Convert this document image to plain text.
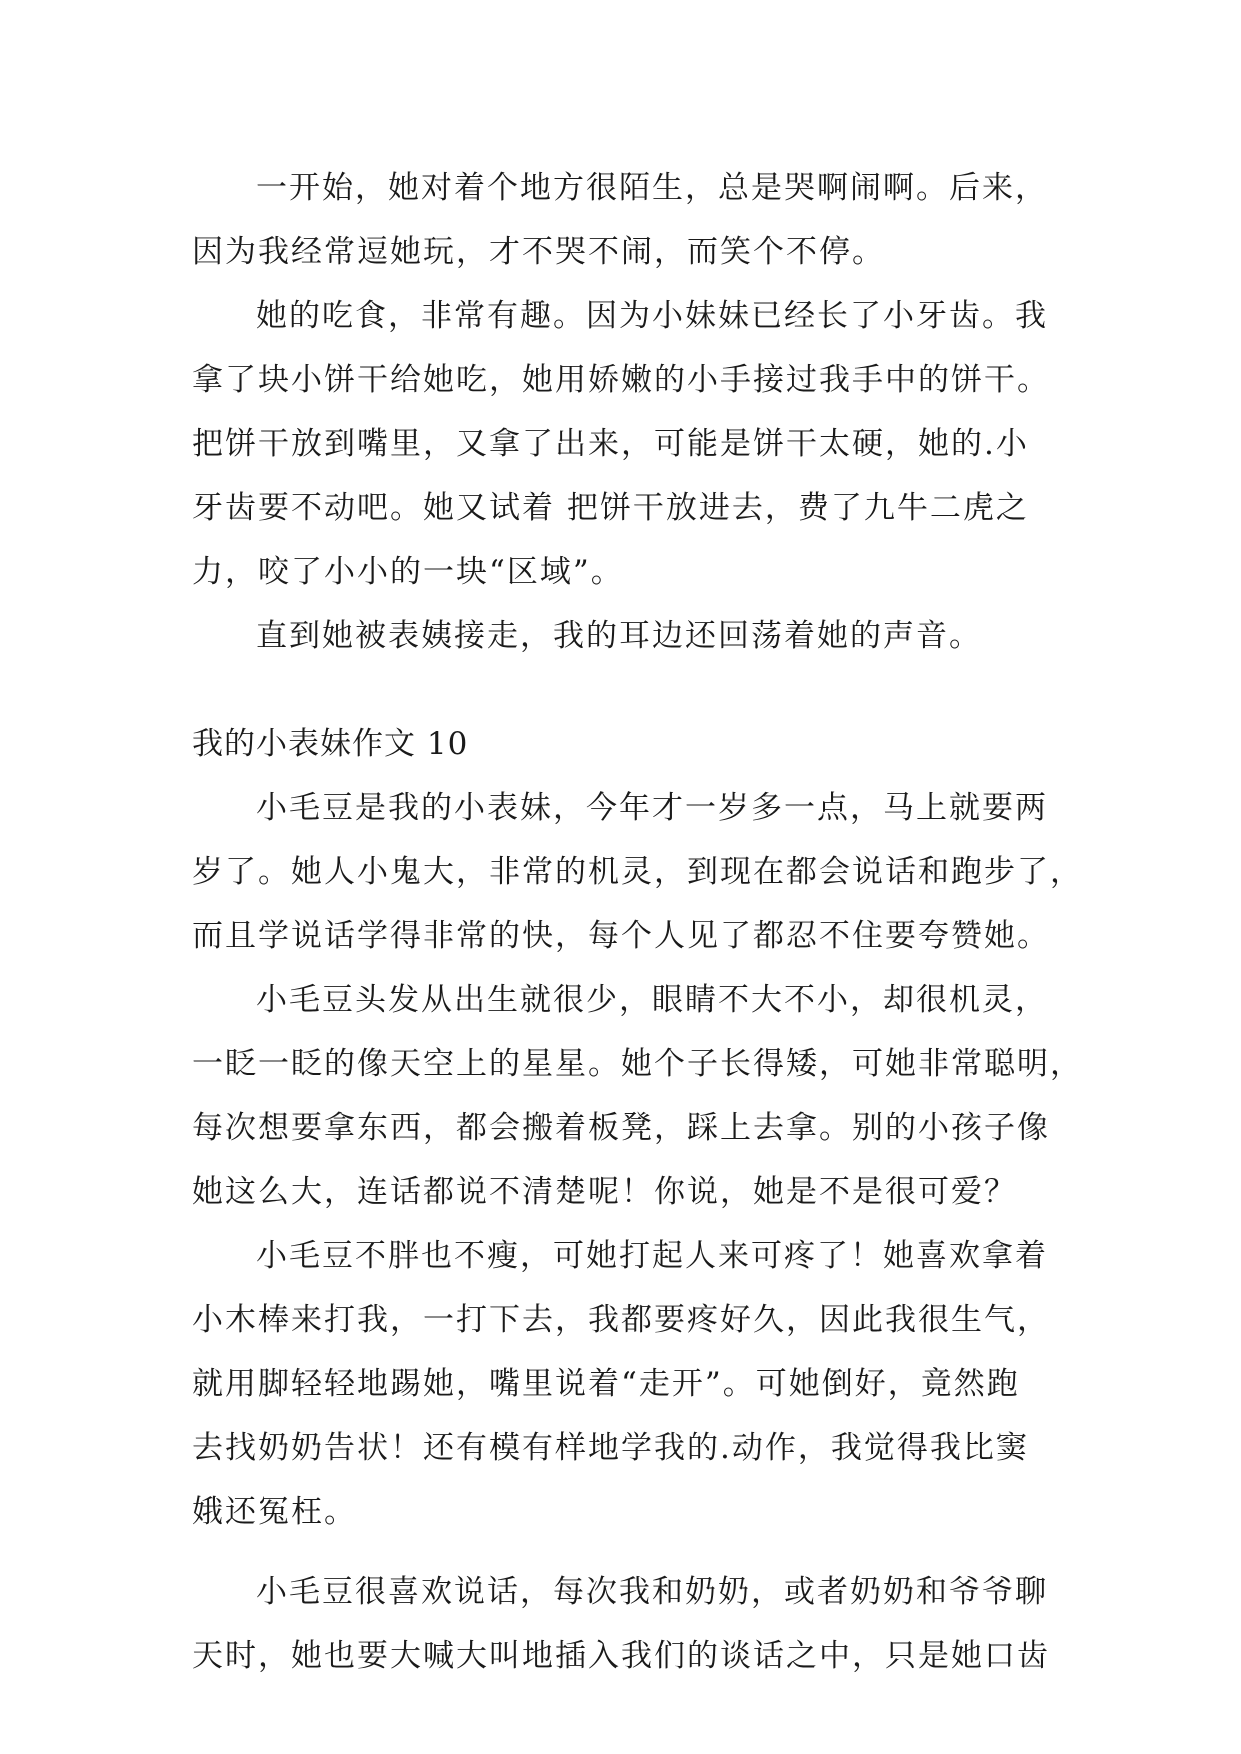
一开始，她对着个地方很陌生，总是哭啊闹啊。后来，
因为我经常逗她玩，才不哭不闹，而笑个不停。
她的吃食，非常有趣。因为小妹妹已经长了小牙齿。我
拿了块小饼干给她吃，她用娇嫩的小手接过我手中的饼干。
把饼干放到嘴里，又拿了出来，可能是饼干太硬，她的.小
牙齿要不动吧。她又试着 把饼干放进去，费了九牛二虎之
力，咬了小小的一块“区域”。
直到她被表姨接走，我的耳边还回荡着她的声音。
我的小表妹作文 10
小毛豆是我的小表妹，今年才一岁多一点，马上就要两
岁了。她人小鬼大，非常的机灵，到现在都会说话和跑步了，
而且学说话学得非常的快，每个人见了都忍不住要夸赞她。
小毛豆头发从出生就很少，眼睛不大不小，却很机灵，
一眨一眨的像天空上的星星。她个子长得矮，可她非常聪明，
每次想要拿东西，都会搬着板凳，踩上去拿。别的小孩子像
她这么大，连话都说不清楚呢！你说，她是不是很可爱？
小毛豆不胖也不瘦，可她打起人来可疼了！她喜欢拿着
小木棒来打我，一打下去，我都要疼好久，因此我很生气，
就用脚轻轻地踢她，嘴里说着“走开”。可她倒好，竟然跑
去找奶奶告状！还有模有样地学我的.动作，我觉得我比窦
娥还冤枉。
小毛豆很喜欢说话，每次我和奶奶，或者奶奶和爷爷聊
天时，她也要大喊大叫地插入我们的谈话之中，只是她口齿
